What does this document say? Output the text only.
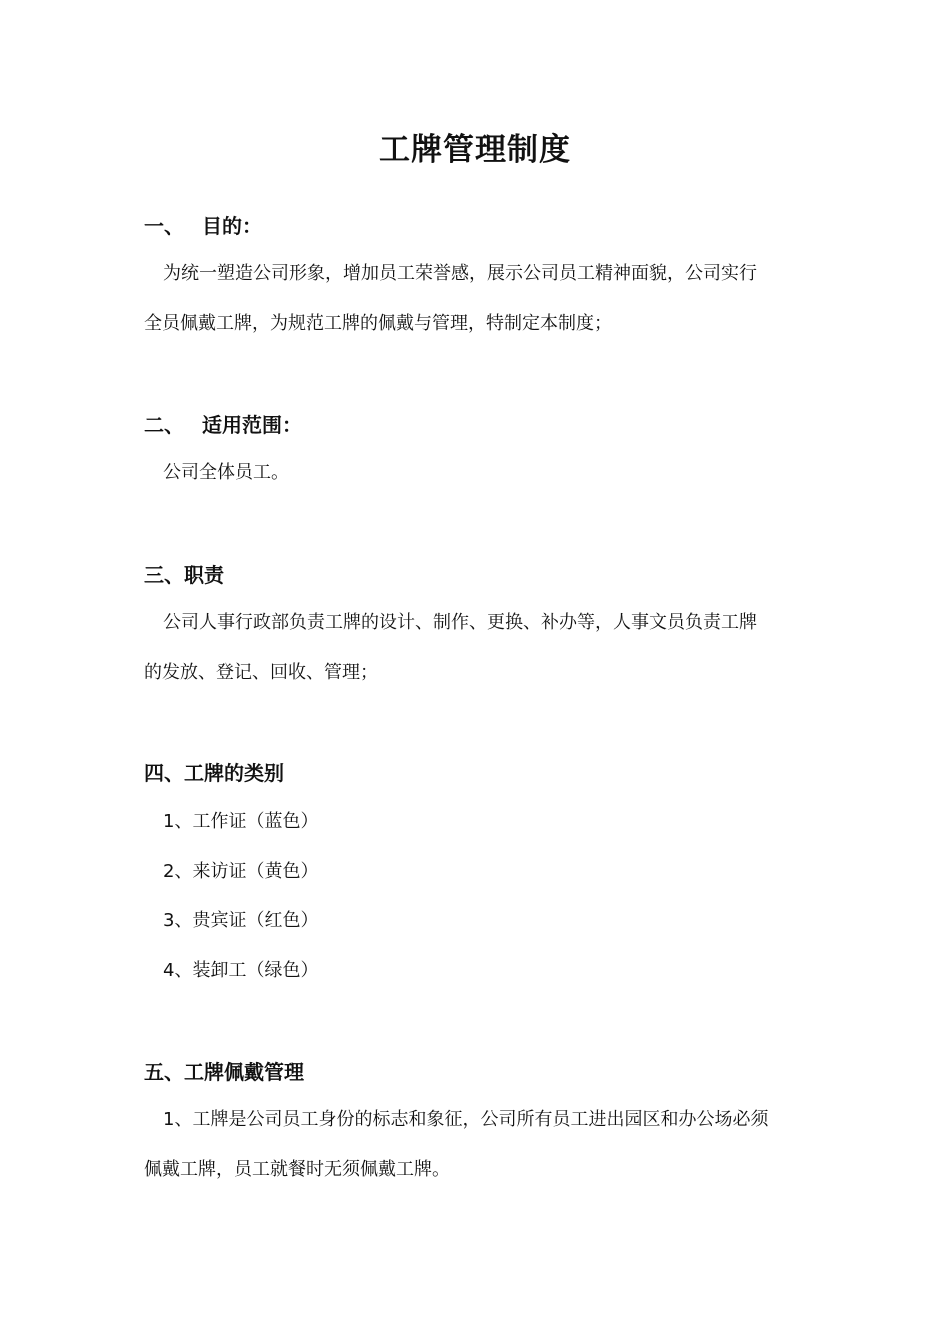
工牌管理制度
一、 目的：
为统一塑造公司形象，增加员工荣誉感，展示公司员工精神面貌，公司实行
全员佩戴工牌，为规范工牌的佩戴与管理，特制定本制度；
二、 适用范围：
公司全体员工。
三、职责
公司人事行政部负责工牌的设计、制作、更换、补办等，人事文员负责工牌
的发放、登记、回收、管理；
四、工牌的类别
1、工作证（蓝色）
2、来访证（黄色）
3、贵宾证（红色）
4、装卸工（绿色）
五、工牌佩戴管理
1、工牌是公司员工身份的标志和象征，公司所有员工进出园区和办公场必须
佩戴工牌，员工就餐时无须佩戴工牌。
